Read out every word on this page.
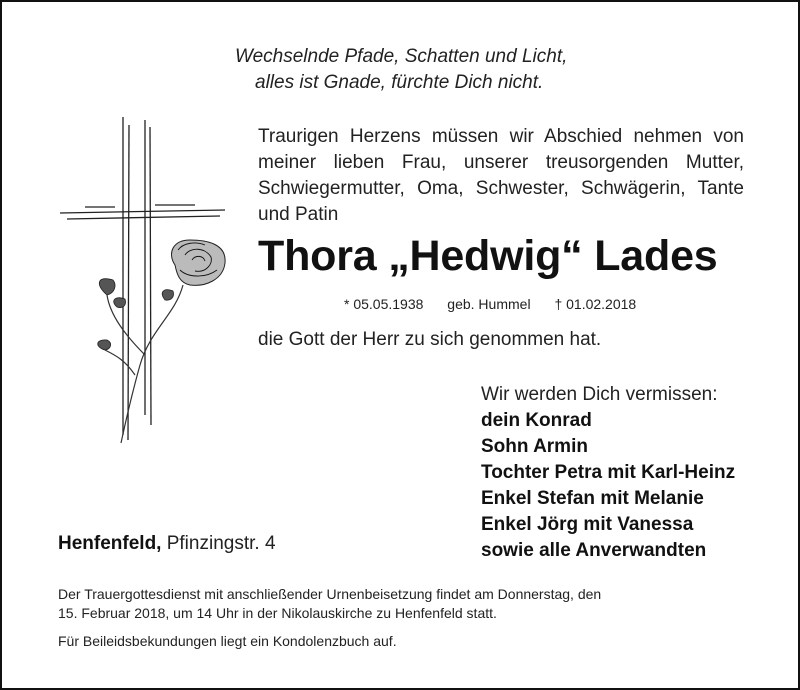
Wechselnde Pfade, Schatten und Licht,
alles ist Gnade, fürchte Dich nicht.
Traurigen Herzens müssen wir Abschied nehmen von meiner lieben Frau, unserer treusorgenden Mutter, Schwiegermutter, Oma, Schwester, Schwägerin, Tante und Patin
Thora „Hedwig“ Lades
* 05.05.1938 geb. Hummel † 01.02.2018
die Gott der Herr zu sich genommen hat.
Wir werden Dich vermissen:
dein Konrad
Sohn Armin
Tochter Petra mit Karl-Heinz
Enkel Stefan mit Melanie
Enkel Jörg mit Vanessa
sowie alle Anverwandten
Henfenfeld, Pfinzingstr. 4
Der Trauergottesdienst mit anschließender Urnenbeisetzung findet am Donnerstag, den 15. Februar 2018, um 14 Uhr in der Nikolauskirche zu Henfenfeld statt.
Für Beileidsbekundungen liegt ein Kondolenzbuch auf.
